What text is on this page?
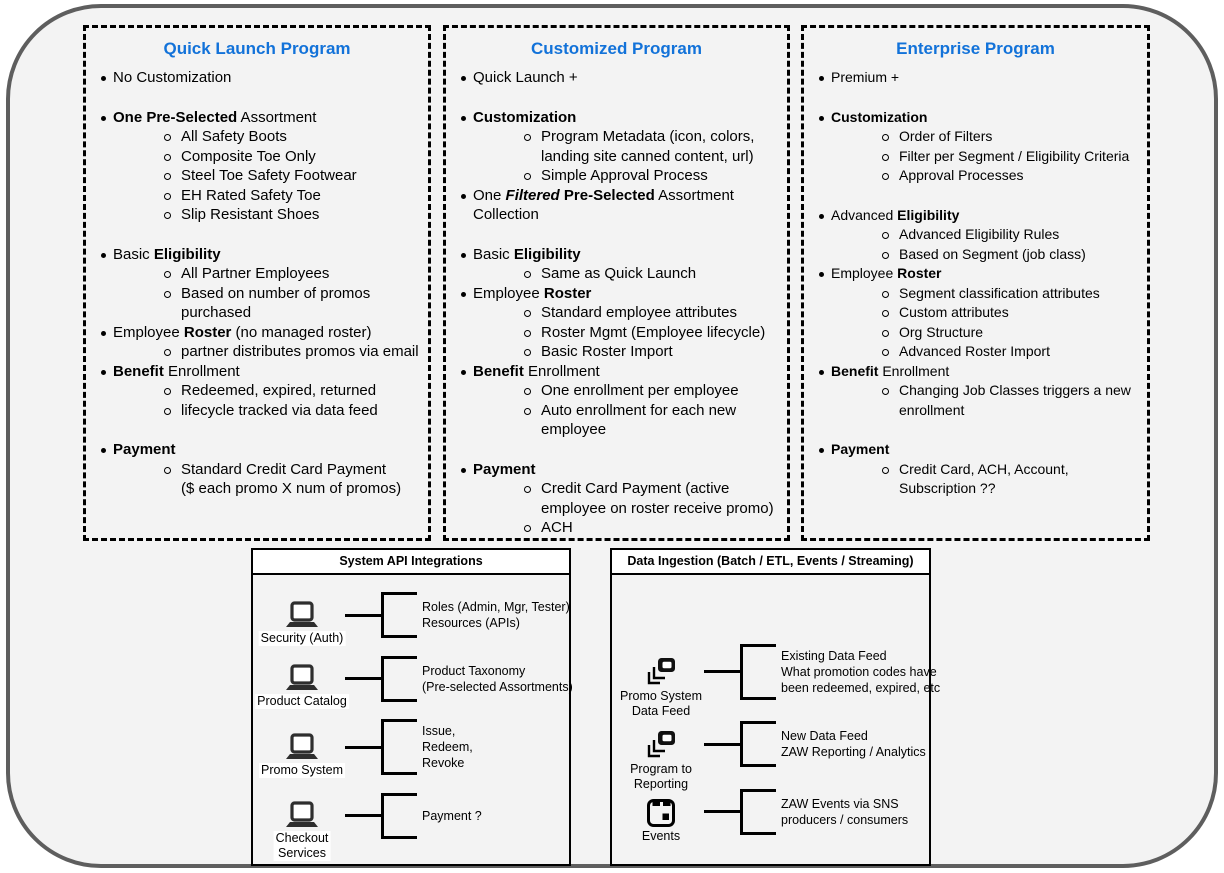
Quick Launch Program
No Customization
One Pre-Selected Assortment
All Safety Boots
Composite Toe Only
Steel Toe Safety Footwear
EH Rated Safety Toe
Slip Resistant Shoes
Basic Eligibility
All Partner Employees
Based on number of promos
purchased
Employee Roster (no managed roster)
partner distributes promos via email
Benefit Enrollment
Redeemed, expired, returned
lifecycle tracked via data feed
Payment
Standard Credit Card Payment
($ each promo X num of promos)
Customized Program
Quick Launch +
Customization
Program Metadata (icon, colors,
landing site canned content, url)
Simple Approval Process
One Filtered Pre-Selected Assortment
Collection
Basic Eligibility
Same as Quick Launch
Employee Roster
Standard employee attributes
Roster Mgmt (Employee lifecycle)
Basic Roster Import
Benefit Enrollment
One enrollment per employee
Auto enrollment for each new
employee
Payment
Credit Card Payment (active
employee on roster receive promo)
ACH
Enterprise Program
Premium +
Customization
Order of Filters
Filter per Segment / Eligibility Criteria
Approval Processes
Advanced Eligibility
Advanced Eligibility Rules
Based on Segment (job class)
Employee Roster
Segment classification attributes
Custom attributes
Org Structure
Advanced Roster Import
Benefit Enrollment
Changing Job Classes triggers a new
enrollment
Payment
Credit Card, ACH, Account,
Subscription ??
System API Integrations
Security (Auth)
Roles (Admin, Mgr, Tester)
Resources (APIs)
Product Catalog
Product Taxonomy
(Pre-selected Assortments)
Promo System
Issue,
Redeem,
Revoke
Checkout
Services
Payment ?
Data Ingestion (Batch / ETL, Events / Streaming)
Promo System
Data Feed
Existing Data Feed
What promotion codes have
been redeemed, expired, etc
Program to
Reporting
New Data Feed
ZAW Reporting / Analytics
Events
ZAW Events via SNS
producers / consumers
